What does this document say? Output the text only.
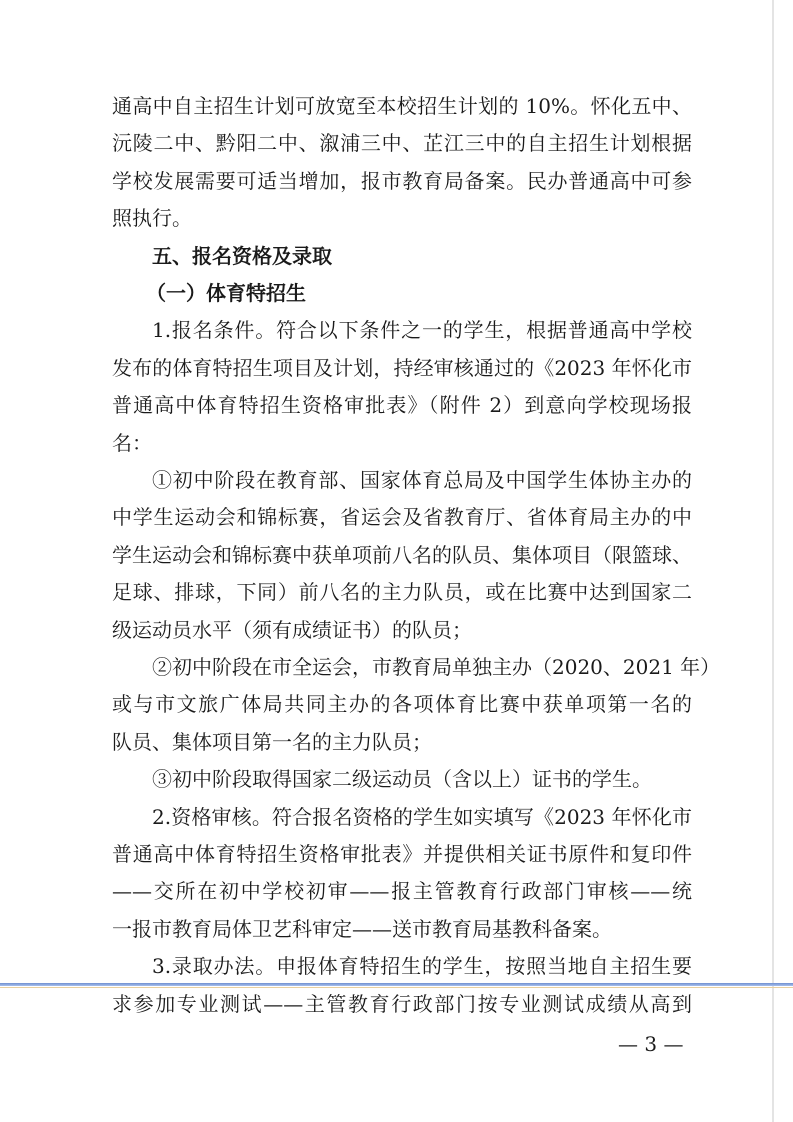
通高中自主招生计划可放宽至本校招生计划的 10%。怀化五中、
沅陵二中、黔阳二中、溆浦三中、芷江三中的自主招生计划根据
学校发展需要可适当增加，报市教育局备案。民办普通高中可参
照执行。
五、报名资格及录取
（一）体育特招生
1.报名条件。符合以下条件之一的学生，根据普通高中学校
发布的体育特招生项目及计划，持经审核通过的《2023 年怀化市
普通高中体育特招生资格审批表》（附件 2）到意向学校现场报
名：
①初中阶段在教育部、国家体育总局及中国学生体协主办的
中学生运动会和锦标赛，省运会及省教育厅、省体育局主办的中
学生运动会和锦标赛中获单项前八名的队员、集体项目（限篮球、
足球、排球，下同）前八名的主力队员，或在比赛中达到国家二
级运动员水平（须有成绩证书）的队员；
②初中阶段在市全运会，市教育局单独主办（2020、2021 年）
或与市文旅广体局共同主办的各项体育比赛中获单项第一名的
队员、集体项目第一名的主力队员；
③初中阶段取得国家二级运动员（含以上）证书的学生。
2.资格审核。符合报名资格的学生如实填写《2023 年怀化市
普通高中体育特招生资格审批表》并提供相关证书原件和复印件
——交所在初中学校初审——报主管教育行政部门审核——统
一报市教育局体卫艺科审定——送市教育局基教科备案。
3.录取办法。申报体育特招生的学生，按照当地自主招生要
— 3 —
求参加专业测试——主管教育行政部门按专业测试成绩从高到
